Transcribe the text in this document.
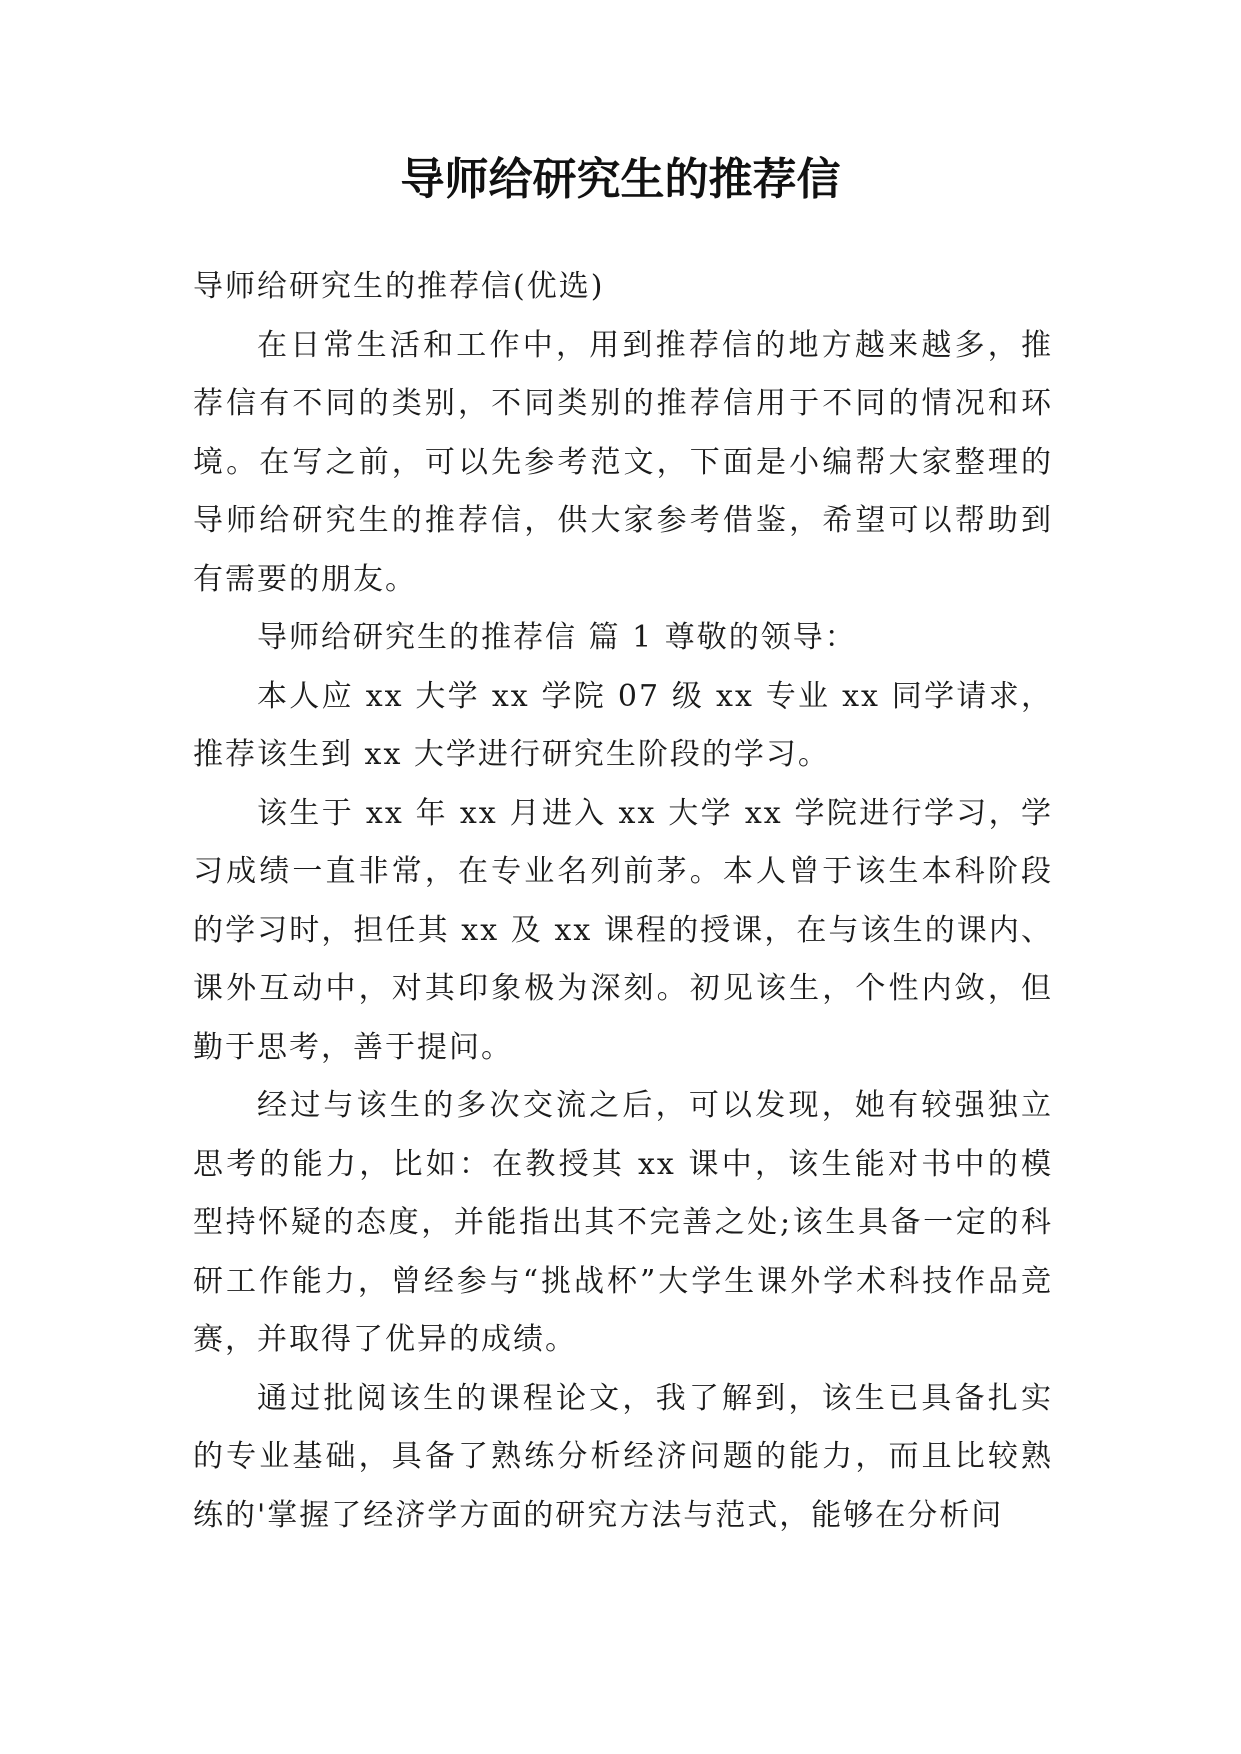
导师给研究生的推荐信

导师给研究生的推荐信(优选)

在日常生活和工作中，用到推荐信的地方越来越多，推荐信有不同的类别，不同类别的推荐信用于不同的情况和环境。在写之前，可以先参考范文，下面是小编帮大家整理的导师给研究生的推荐信，供大家参考借鉴，希望可以帮助到有需要的朋友。

导师给研究生的推荐信 篇 1 尊敬的领导：

本人应 xx 大学 xx 学院 07 级 xx 专业 xx 同学请求，推荐该生到 xx 大学进行研究生阶段的学习。

该生于 xx 年 xx 月进入 xx 大学 xx 学院进行学习，学习成绩一直非常，在专业名列前茅。本人曾于该生本科阶段的学习时，担任其 xx 及 xx 课程的授课，在与该生的课内、课外互动中，对其印象极为深刻。初见该生，个性内敛，但勤于思考，善于提问。

经过与该生的多次交流之后，可以发现，她有较强独立思考的能力，比如：在教授其 xx 课中，该生能对书中的模型持怀疑的态度，并能指出其不完善之处;该生具备一定的科研工作能力，曾经参与“挑战杯”大学生课外学术科技作品竞赛，并取得了优异的成绩。

通过批阅该生的课程论文，我了解到，该生已具备扎实的专业基础，具备了熟练分析经济问题的能力，而且比较熟练的'掌握了经济学方面的研究方法与范式，能够在分析问
